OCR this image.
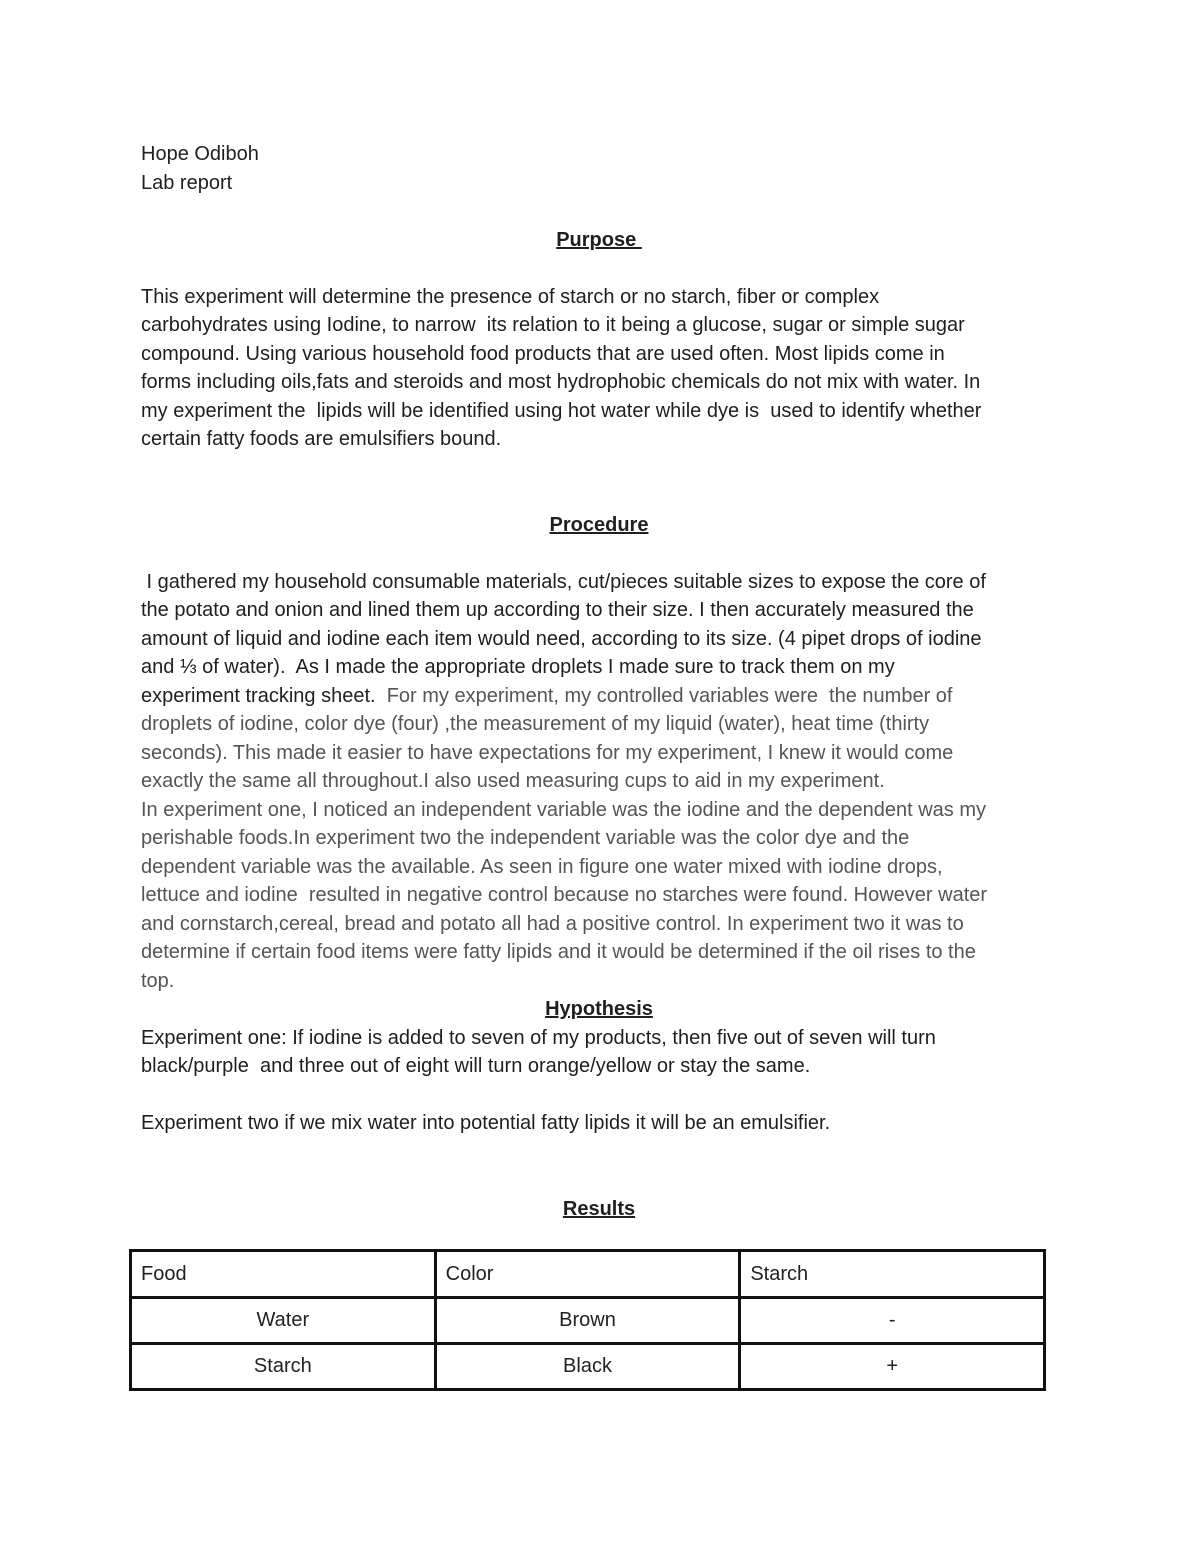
Hope Odiboh
Lab report
Purpose
This experiment will determine the presence of starch or no starch, fiber or complex
carbohydrates using Iodine, to narrow  its relation to it being a glucose, sugar or simple sugar
compound. Using various household food products that are used often. Most lipids come in
forms including oils,fats and steroids and most hydrophobic chemicals do not mix with water. In
my experiment the  lipids will be identified using hot water while dye is  used to identify whether
certain fatty foods are emulsifiers bound.
Procedure
I gathered my household consumable materials, cut/pieces suitable sizes to expose the core of
the potato and onion and lined them up according to their size. I then accurately measured the
amount of liquid and iodine each item would need, according to its size. (4 pipet drops of iodine
and ⅓ of water).  As I made the appropriate droplets I made sure to track them on my
experiment tracking sheet.  For my experiment, my controlled variables were  the number of
droplets of iodine, color dye (four) ,the measurement of my liquid (water), heat time (thirty
seconds). This made it easier to have expectations for my experiment, I knew it would come
exactly the same all throughout.I also used measuring cups to aid in my experiment.
In experiment one, I noticed an independent variable was the iodine and the dependent was my
perishable foods.In experiment two the independent variable was the color dye and the
dependent variable was the available. As seen in figure one water mixed with iodine drops,
lettuce and iodine  resulted in negative control because no starches were found. However water
and cornstarch,cereal, bread and potato all had a positive control. In experiment two it was to
determine if certain food items were fatty lipids and it would be determined if the oil rises to the
top.
Hypothesis
Experiment one: If iodine is added to seven of my products, then five out of seven will turn
black/purple  and three out of eight will turn orange/yellow or stay the same.
Experiment two if we mix water into potential fatty lipids it will be an emulsifier.
Results
Food	Color	Starch
Water	Brown	-
Starch	Black	+
